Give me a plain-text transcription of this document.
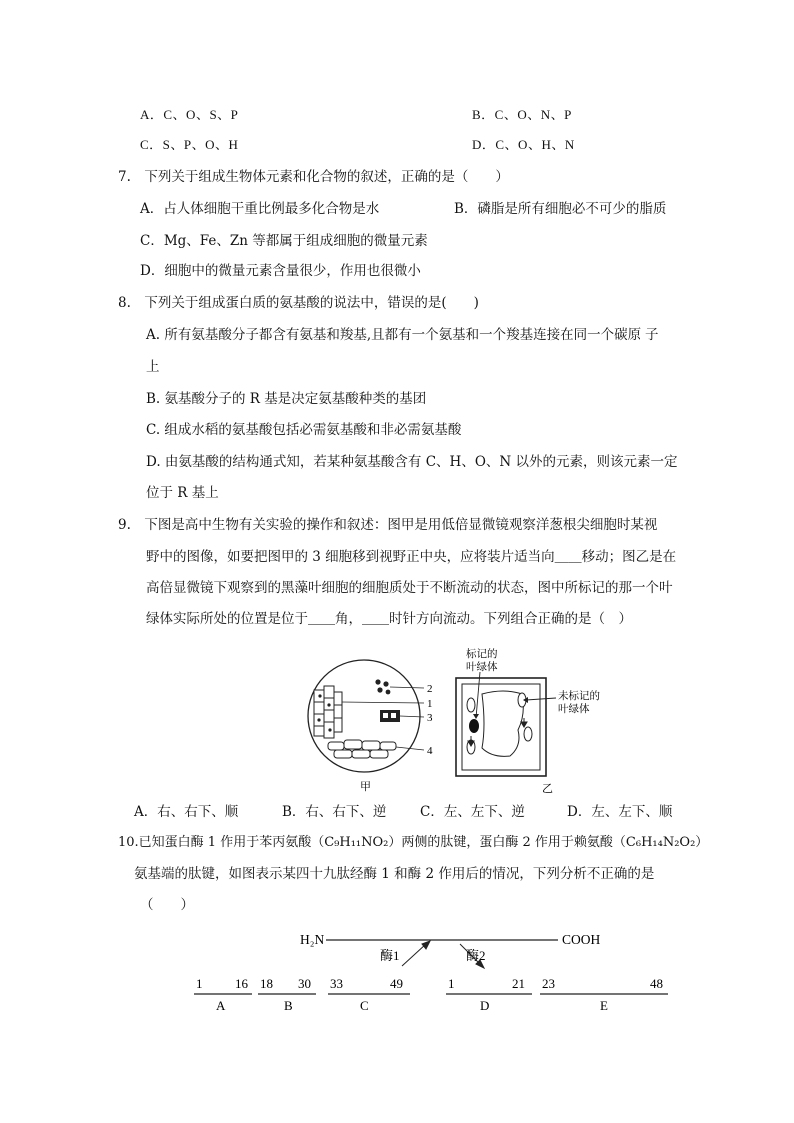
A．C、O、S、P	B．C、O、N、P
C．S、P、O、H	D．C、O、H、N
7.　下列关于组成生物体元素和化合物的叙述，正确的是（　　）
A．占人体细胞干重比例最多化合物是水	B．磷脂是所有细胞必不可少的脂质
C．Mg、Fe、Zn 等都属于组成细胞的微量元素
D．细胞中的微量元素含量很少，作用也很微小
8.　下列关于组成蛋白质的氨基酸的说法中，错误的是(　　)
A. 所有氨基酸分子都含有氨基和羧基,且都有一个氨基和一个羧基连接在同一个碳原 子
上
B. 氨基酸分子的 R 基是决定氨基酸种类的基团
C. 组成水稻的氨基酸包括必需氨基酸和非必需氨基酸
D. 由氨基酸的结构通式知，若某种氨基酸含有 C、H、O、N 以外的元素，则该元素一定
位于 R 基上
9.　下图是高中生物有关实验的操作和叙述：图甲是用低倍显微镜观察洋葱根尖细胞时某视
野中的图像，如要把图甲的 3 细胞移到视野正中央，应将装片适当向＿＿移动；图乙是在
高倍显微镜下观察到的黑藻叶细胞的细胞质处于不断流动的状态，图中所标记的那一个叶
绿体实际所处的位置是位于＿＿角，＿＿时针方向流动。下列组合正确的是（　）
2
1
3
4
甲
标记的
叶绿体
未标记的
叶绿体
乙
A．右、右下、顺	B．右、右下、逆 C．左、左下、逆	D．左、左下、顺
10.已知蛋白酶 1 作用于苯丙氨酸（C₉H₁₁NO₂）两侧的肽键，蛋白酶 2 作用于赖氨酸（C₆H₁₄N₂O₂）
氨基端的肽键，如图表示某四十九肽经酶 1 和酶 2 作用后的情况，下列分析不正确的是
（　　）
H₂N	COOH
酶1	酶2
1	16
A
18 30
B
33	49
C
1	21
D
23	48
E
